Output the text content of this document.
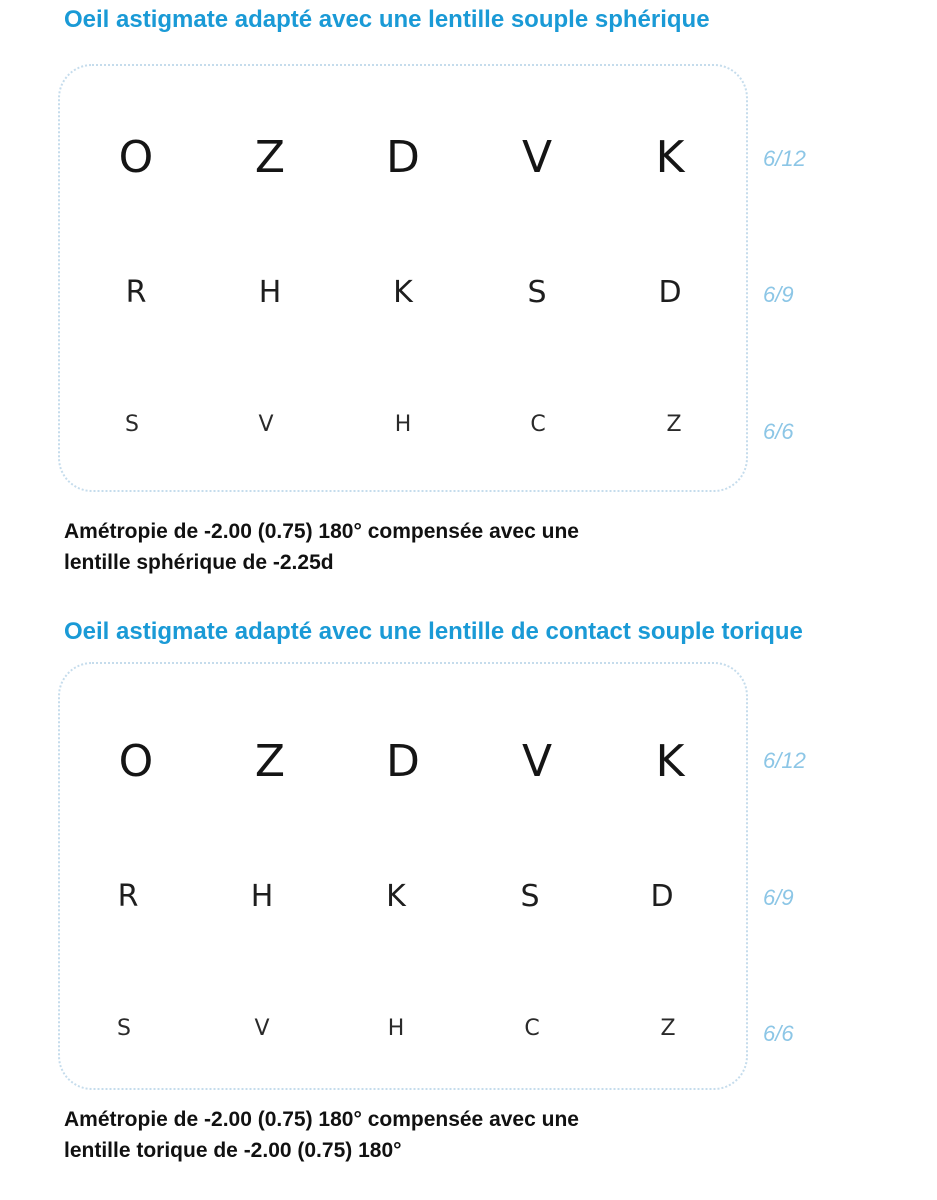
Oeil astigmate adapté avec une lentille souple sphérique
O Z D V K	6/12
R	H	K	S	D	6/9
S	V	H	C	Z	6/6

Amétropie de -2.00 (0.75) 180° compensée avec une
lentille sphérique de -2.25d

Oeil astigmate adapté avec une lentille de contact souple torique
O Z D V K	6/12
R	H	K	S	D	6/9
S	V	H	C	Z	6/6

Amétropie de -2.00 (0.75) 180° compensée avec une
lentille torique de -2.00 (0.75) 180°
